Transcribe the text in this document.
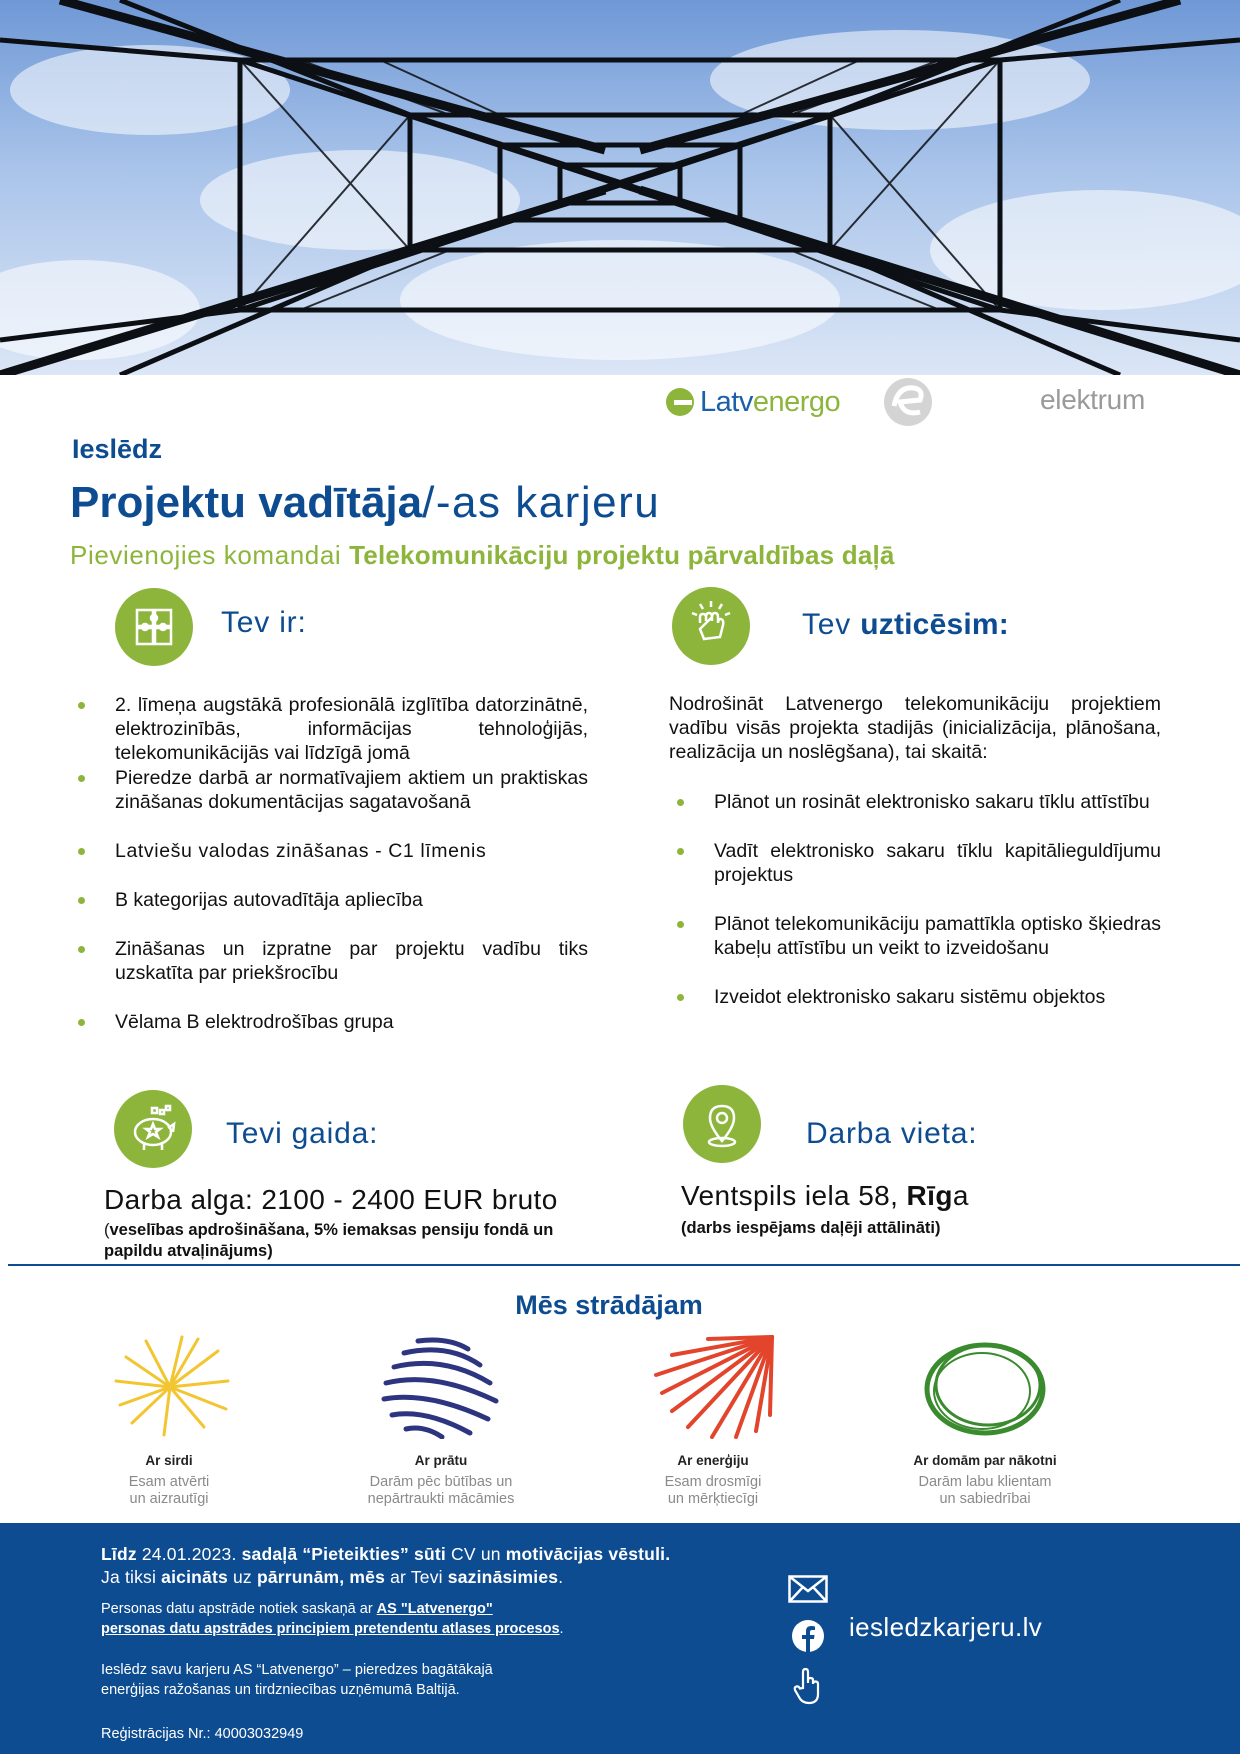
Latvenergo	elektrum
Ieslēdz
Projektu vadītāja/-as karjeru
Pievienojies komandai Telekomunikāciju projektu pārvaldības daļā
Tev ir:
2. līmeņa augstākā profesionālā izglītība datorzinātnē, elektrozinībās, informācijas tehnoloģijās, telekomunikācijās vai līdzīgā jomā
Pieredze darbā ar normatīvajiem aktiem un praktiskas zināšanas dokumentācijas sagatavošanā
Latviešu valodas zināšanas - C1 līmenis
B kategorijas autovadītāja apliecība
Zināšanas un izpratne par projektu vadību tiks uzskatīta par priekšrocību
Vēlama B elektrodrošības grupa
Tev uzticēsim:
Nodrošināt Latvenergo telekomunikāciju projektiem vadību visās projekta stadijās (inicializācija, plānošana, realizācija un noslēgšana), tai skaitā:
Plānot un rosināt elektronisko sakaru tīklu attīstību
Vadīt elektronisko sakaru tīklu kapitālieguldījumu projektus
Plānot telekomunikāciju pamattīkla optisko šķiedras kabeļu attīstību un veikt to izveidošanu
Izveidot elektronisko sakaru sistēmu objektos
Tevi gaida:
Darba alga: 2100 - 2400 EUR bruto
(veselības apdrošināšana, 5% iemaksas pensiju fondā un papildu atvaļinājums)
Darba vieta:
Ventspils iela 58, Rīga
(darbs iespējams daļēji attālināti)
Mēs strādājam
Ar sirdi
Esam atvērti
un aizrautīgi
Ar prātu
Darām pēc būtības un
nepārtraukti mācāmies
Ar enerģiju
Esam drosmīgi
un mērķtiecīgi
Ar domām par nākotni
Darām labu klientam
un sabiedrībai
Līdz 24.01.2023. sadaļā “Pieteikties” sūti CV un motivācijas vēstuli.
Ja tiksi aicināts uz pārrunām, mēs ar Tevi sazināsimies.
Personas datu apstrāde notiek saskaņā ar AS "Latvenergo"
personas datu apstrādes principiem pretendentu atlases procesos.
Ieslēdz savu karjeru AS “Latvenergo” – pieredzes bagātākajā
enerģijas ražošanas un tirdzniecības uzņēmumā Baltijā.
Reģistrācijas Nr.: 40003032949
iesledzkarjeru.lv
